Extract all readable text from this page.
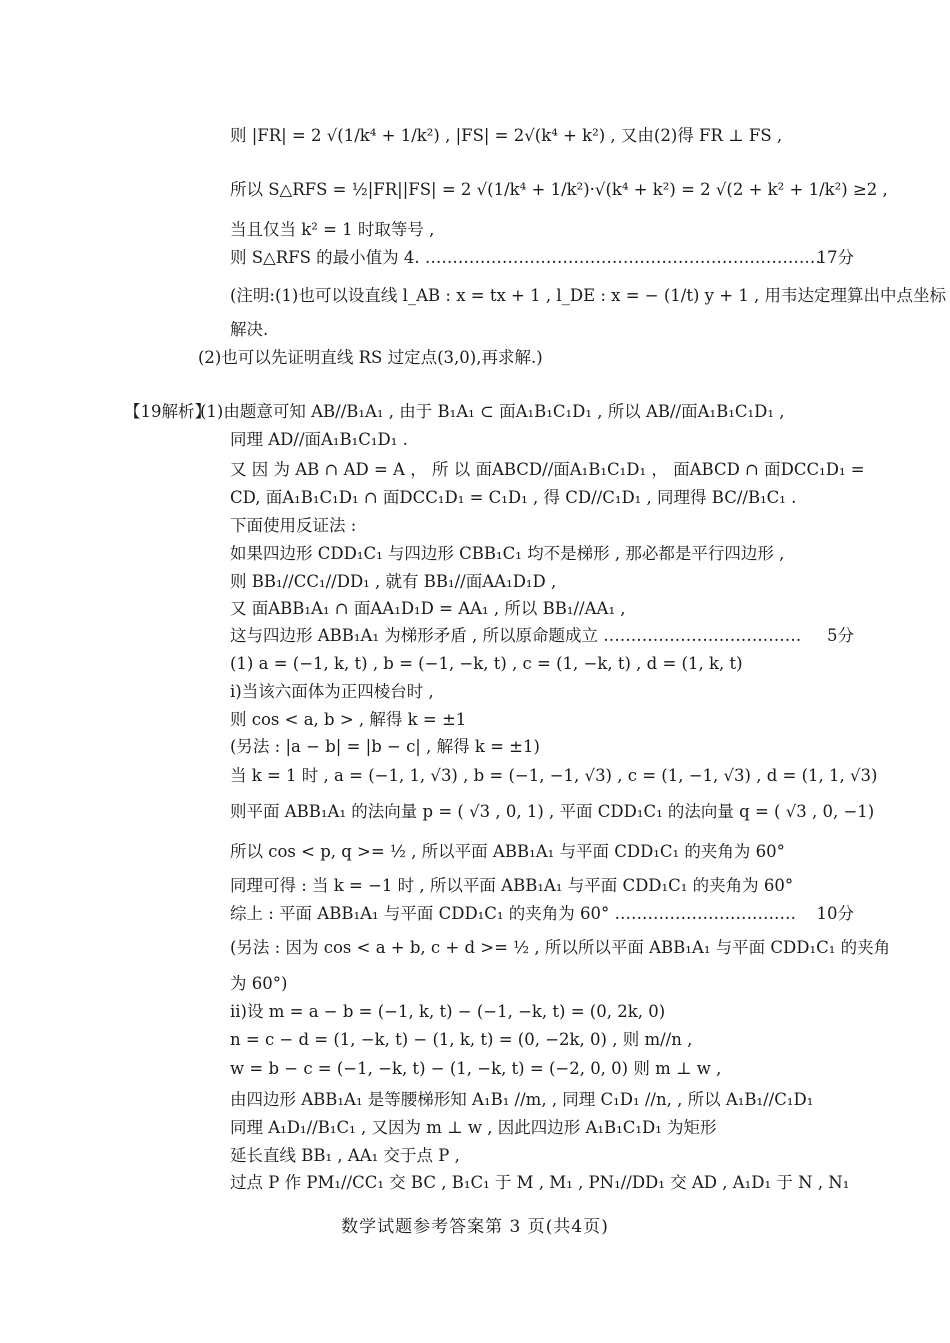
则 |FR| = 2 √(1/k⁴ + 1/k²) , |FS| = 2√(k⁴ + k²) , 又由(2)得 FR ⊥ FS ,
所以 S△RFS = ½|FR||FS| = 2 √(1/k⁴ + 1/k²)·√(k⁴ + k²) = 2 √(2 + k² + 1/k²) ≥2 ,
当且仅当 k² = 1 时取等号 ,
则 S△RFS 的最小值为 4. ………………………………………………………………
17分
(注明:(1)也可以设直线 l_AB : x = tx + 1 , l_DE : x = − (1/t) y + 1 , 用韦达定理算出中点坐标
解决.
(2)也可以先证明直线 RS 过定点(3,0),再求解.)
【19解析】
(1)由题意可知 AB//B₁A₁ , 由于 B₁A₁ ⊂ 面A₁B₁C₁D₁ , 所以 AB//面A₁B₁C₁D₁ ,
同理 AD//面A₁B₁C₁D₁ .
又 因 为 AB ∩ AD = A ， 所 以 面ABCD//面A₁B₁C₁D₁ ， 面ABCD ∩ 面DCC₁D₁ =
CD, 面A₁B₁C₁D₁ ∩ 面DCC₁D₁ = C₁D₁ , 得 CD//C₁D₁ , 同理得 BC//B₁C₁ .
下面使用反证法 :
如果四边形 CDD₁C₁ 与四边形 CBB₁C₁ 均不是梯形 , 那必都是平行四边形 ,
则 BB₁//CC₁//DD₁ , 就有 BB₁//面AA₁D₁D ,
又 面ABB₁A₁ ∩ 面AA₁D₁D = AA₁ , 所以 BB₁//AA₁ ,
这与四边形 ABB₁A₁ 为梯形矛盾 , 所以原命题成立 ……………………………… 5分
(1) a = (−1, k, t) , b = (−1, −k, t) , c = (1, −k, t) , d = (1, k, t)
i)当该六面体为正四棱台时 ,
则 cos < a, b > , 解得 k = ±1
(另法 : |a − b| = |b − c| , 解得 k = ±1)
当 k = 1 时 , a = (−1, 1, √3) , b = (−1, −1, √3) , c = (1, −1, √3) , d = (1, 1, √3)
则平面 ABB₁A₁ 的法向量 p = ( √3 , 0, 1) , 平面 CDD₁C₁ 的法向量 q = ( √3 , 0, −1)
所以 cos < p, q >= ½ , 所以平面 ABB₁A₁ 与平面 CDD₁C₁ 的夹角为 60°
同理可得 : 当 k = −1 时 , 所以平面 ABB₁A₁ 与平面 CDD₁C₁ 的夹角为 60°
综上 : 平面 ABB₁A₁ 与平面 CDD₁C₁ 的夹角为 60° …………………………… 10分
(另法 : 因为 cos < a + b, c + d >= ½ , 所以所以平面 ABB₁A₁ 与平面 CDD₁C₁ 的夹角
为 60°)
ii)设 m = a − b = (−1, k, t) − (−1, −k, t) = (0, 2k, 0)
n = c − d = (1, −k, t) − (1, k, t) = (0, −2k, 0) , 则 m//n ,
w = b − c = (−1, −k, t) − (1, −k, t) = (−2, 0, 0) 则 m ⊥ w ,
由四边形 ABB₁A₁ 是等腰梯形知 A₁B₁ //m, , 同理 C₁D₁ //n, , 所以 A₁B₁//C₁D₁
同理 A₁D₁//B₁C₁ , 又因为 m ⊥ w , 因此四边形 A₁B₁C₁D₁ 为矩形
延长直线 BB₁ , AA₁ 交于点 P ,
过点 P 作 PM₁//CC₁ 交 BC , B₁C₁ 于 M , M₁ , PN₁//DD₁ 交 AD , A₁D₁ 于 N , N₁
数学试题参考答案第 3 页(共4页)
